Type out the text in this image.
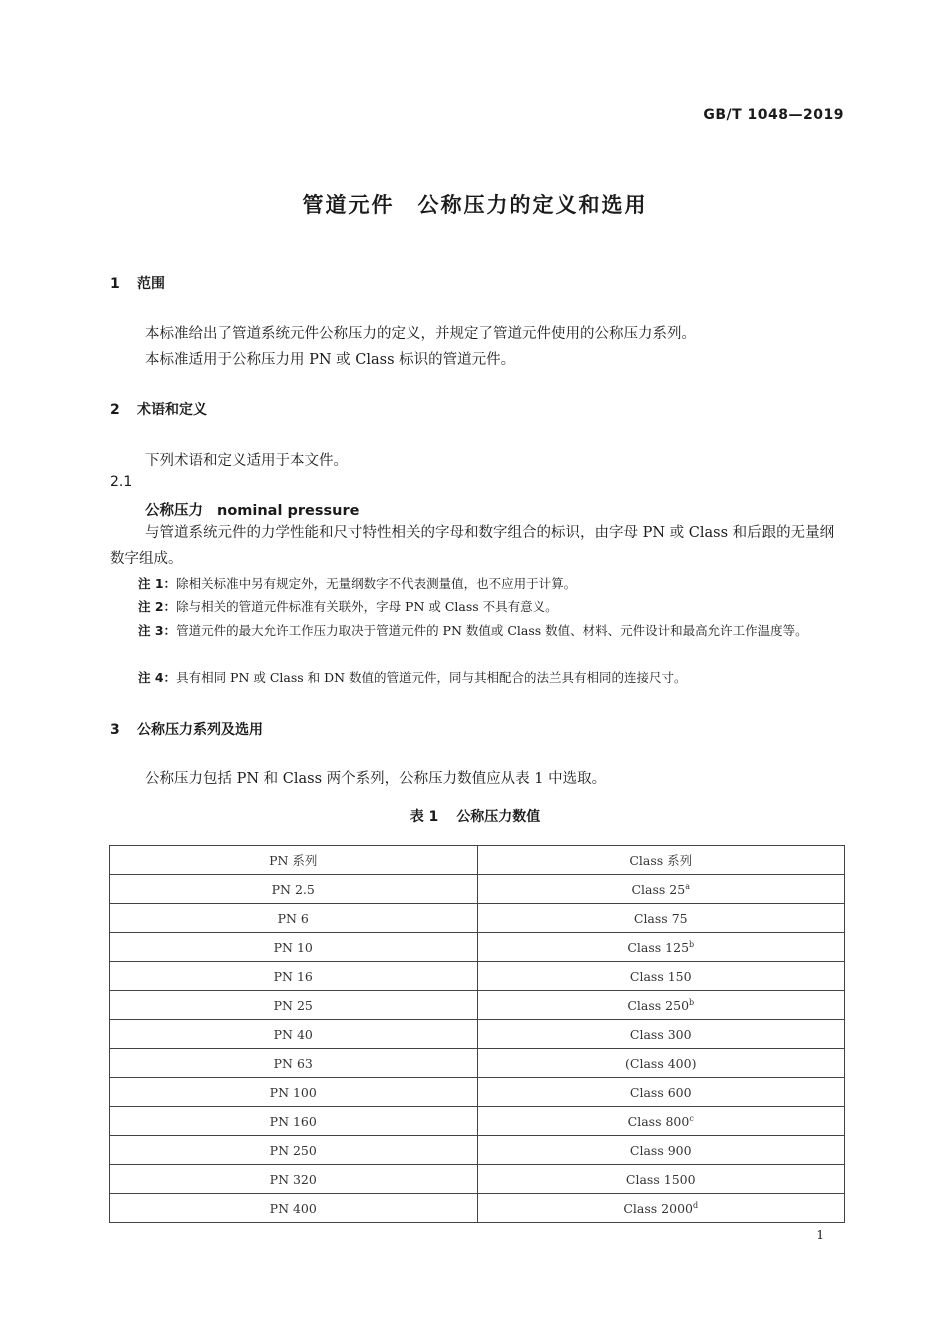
GB/T 1048—2019
管道元件　公称压力的定义和选用
1 范围
本标准给出了管道系统元件公称压力的定义，并规定了管道元件使用的公称压力系列。
本标准适用于公称压力用 PN 或 Class 标识的管道元件。
2 术语和定义
下列术语和定义适用于本文件。
2.1
公称压力 nominal pressure
与管道系统元件的力学性能和尺寸特性相关的字母和数字组合的标识，由字母 PN 或 Class 和后跟的无量纲数字组成。
注 1：除相关标准中另有规定外，无量纲数字不代表测量值，也不应用于计算。
注 2：除与相关的管道元件标准有关联外，字母 PN 或 Class 不具有意义。
注 3：管道元件的最大允许工作压力取决于管道元件的 PN 数值或 Class 数值、材料、元件设计和最高允许工作温度等。
注 4：具有相同 PN 或 Class 和 DN 数值的管道元件，同与其相配合的法兰具有相同的连接尺寸。
3 公称压力系列及选用
公称压力包括 PN 和 Class 两个系列，公称压力数值应从表 1 中选取。
表 1 公称压力数值
PN 系列	Class 系列
PN 2.5	Class 25$^a$
PN 6	Class 75
PN 10	Class 125$^b$
PN 16	Class 150
PN 25	Class 250$^b$
PN 40	Class 300
PN 63	(Class 400)
PN 100	Class 600
PN 160	Class 800$^c$
PN 250	Class 900
PN 320	Class 1500
PN 400	Class 2000$^d$
1
